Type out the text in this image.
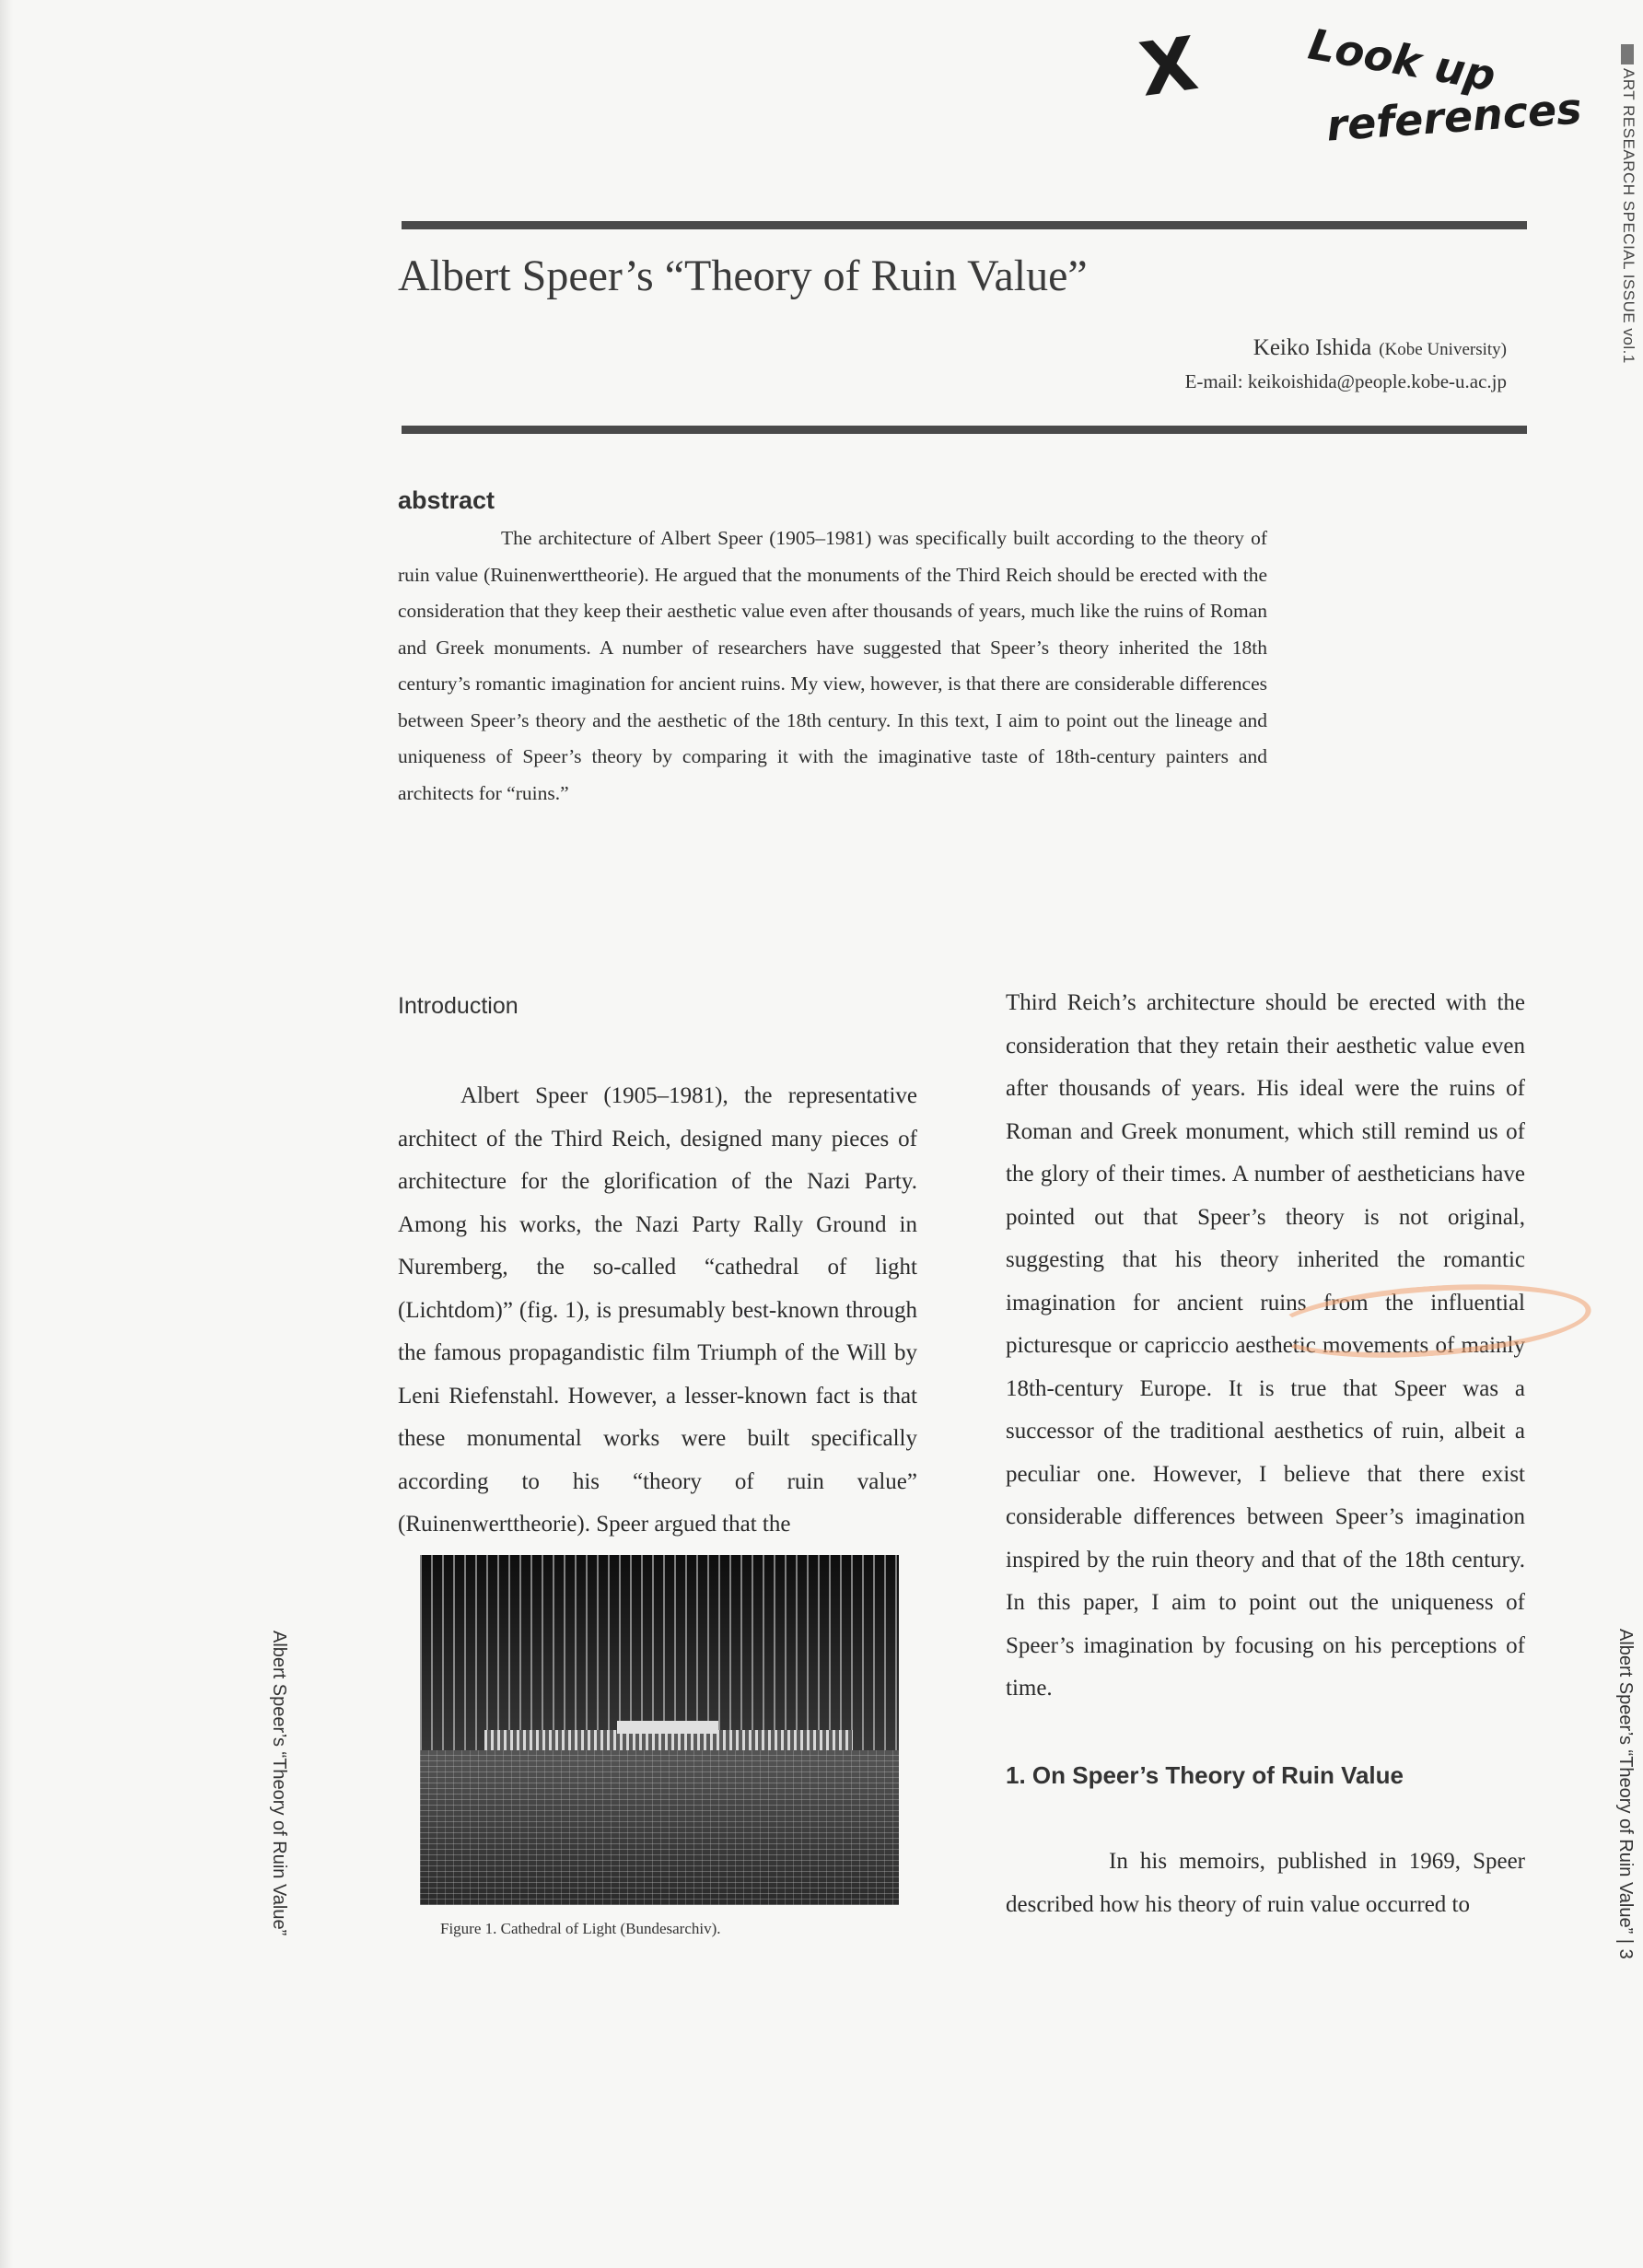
X Look up
references ART RESEARCH SPECIAL ISSUE vol.1
Albert Speer’s “Theory of Ruin Value”
Keiko Ishida (Kobe University)
E-mail: keikoishida@people.kobe-u.ac.jp
abstract
The architecture of Albert Speer (1905–1981) was specifically built according to the theory of ruin value (Ruinenwerttheorie). He argued that the monuments of the Third Reich should be erected with the consideration that they keep their aesthetic value even after thousands of years, much like the ruins of Roman and Greek monuments. A number of researchers have suggested that Speer’s theory inherited the 18th century’s romantic imagination for ancient ruins. My view, however, is that there are considerable differences between Speer’s theory and the aesthetic of the 18th century. In this text, I aim to point out the lineage and uniqueness of Speer’s theory by comparing it with the imaginative taste of 18th-century painters and architects for “ruins.”
Introduction
Albert Speer (1905–1981), the representative architect of the Third Reich, designed many pieces of architecture for the glorification of the Nazi Party. Among his works, the Nazi Party Rally Ground in Nuremberg, the so-called “cathedral of light (Lichtdom)” (fig. 1), is presumably best-known through the famous propagandistic film Triumph of the Will by Leni Riefenstahl. However, a lesser-known fact is that these monumental works were built specifically according to his “theory of ruin value” (Ruinenwerttheorie). Speer argued that the
Figure 1. Cathedral of Light (Bundesarchiv).
Third Reich’s architecture should be erected with the consideration that they retain their aesthetic value even after thousands of years. His ideal were the ruins of Roman and Greek monument, which still remind us of the glory of their times. A number of aestheticians have pointed out that Speer’s theory is not original, suggesting that his theory inherited the romantic imagination for ancient ruins from the influential picturesque or capriccio aesthetic movements of mainly 18th-century Europe. It is true that Speer was a successor of the traditional aesthetics of ruin, albeit a peculiar one. However, I believe that there exist considerable differences between Speer’s imagination inspired by the ruin theory and that of the 18th century. In this paper, I aim to point out the uniqueness of Speer’s imagination by focusing on his perceptions of time.
1. On Speer’s Theory of Ruin Value
In his memoirs, published in 1969, Speer described how his theory of ruin value occurred to
Albert Speer’s “Theory of Ruin Value”	Albert Speer’s “Theory of Ruin Value” | 3
